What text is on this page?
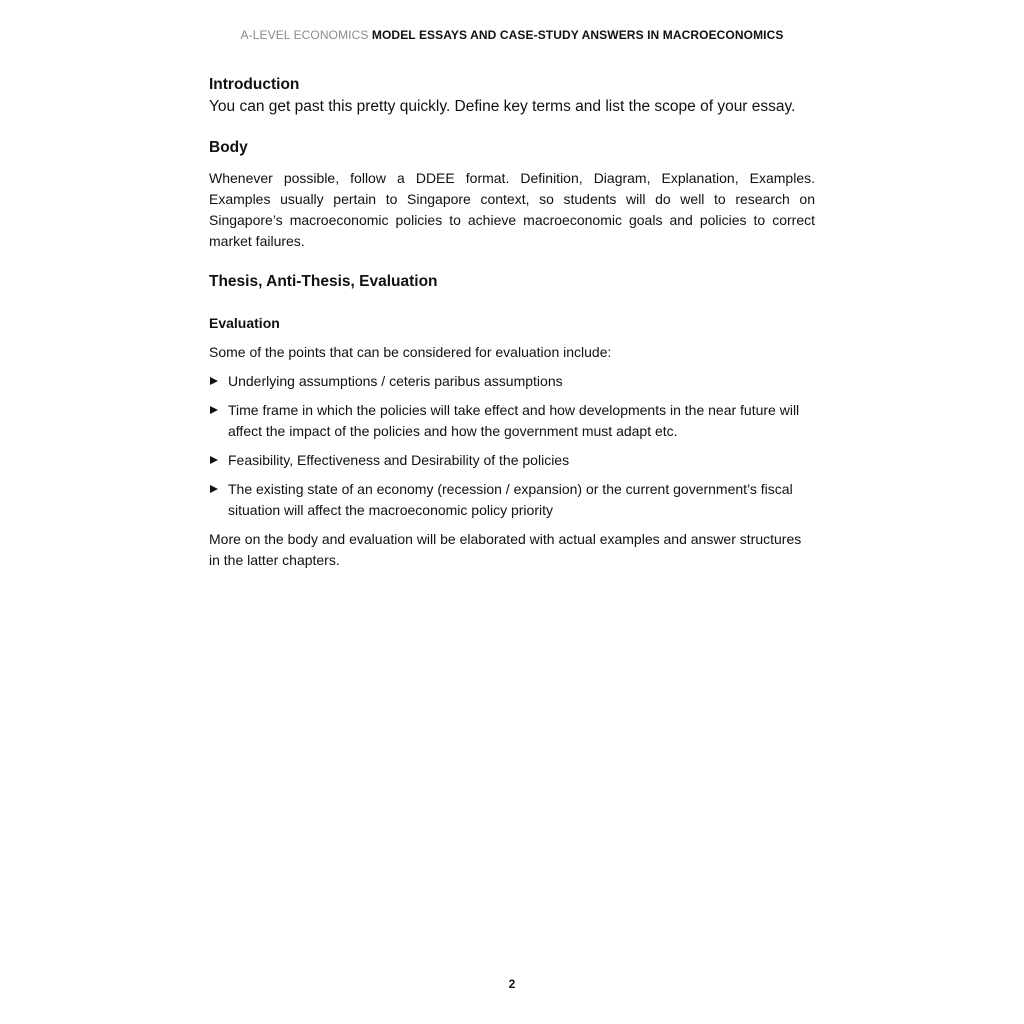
A-LEVEL ECONOMICS MODEL ESSAYS AND CASE-STUDY ANSWERS IN MACROECONOMICS
Introduction

You can get past this pretty quickly. Define key terms and list the scope of your essay.

Body

Whenever possible, follow a DDEE format. Definition, Diagram, Explanation, Examples. Examples usually pertain to Singapore context, so students will do well to research on Singapore’s macroeconomic policies to achieve macroeconomic goals and policies to correct market failures.

Thesis, Anti-Thesis, Evaluation
Evaluation

Some of the points that can be considered for evaluation include:

Underlying assumptions / ceteris paribus assumptions
Time frame in which the policies will take effect and how developments in the near future will affect the impact of the policies and how the government must adapt etc.
Feasibility, Effectiveness and Desirability of the policies
The existing state of an economy (recession / expansion) or the current government’s fiscal situation will affect the macroeconomic policy priority

More on the body and evaluation will be elaborated with actual examples and answer structures in the latter chapters.

2
